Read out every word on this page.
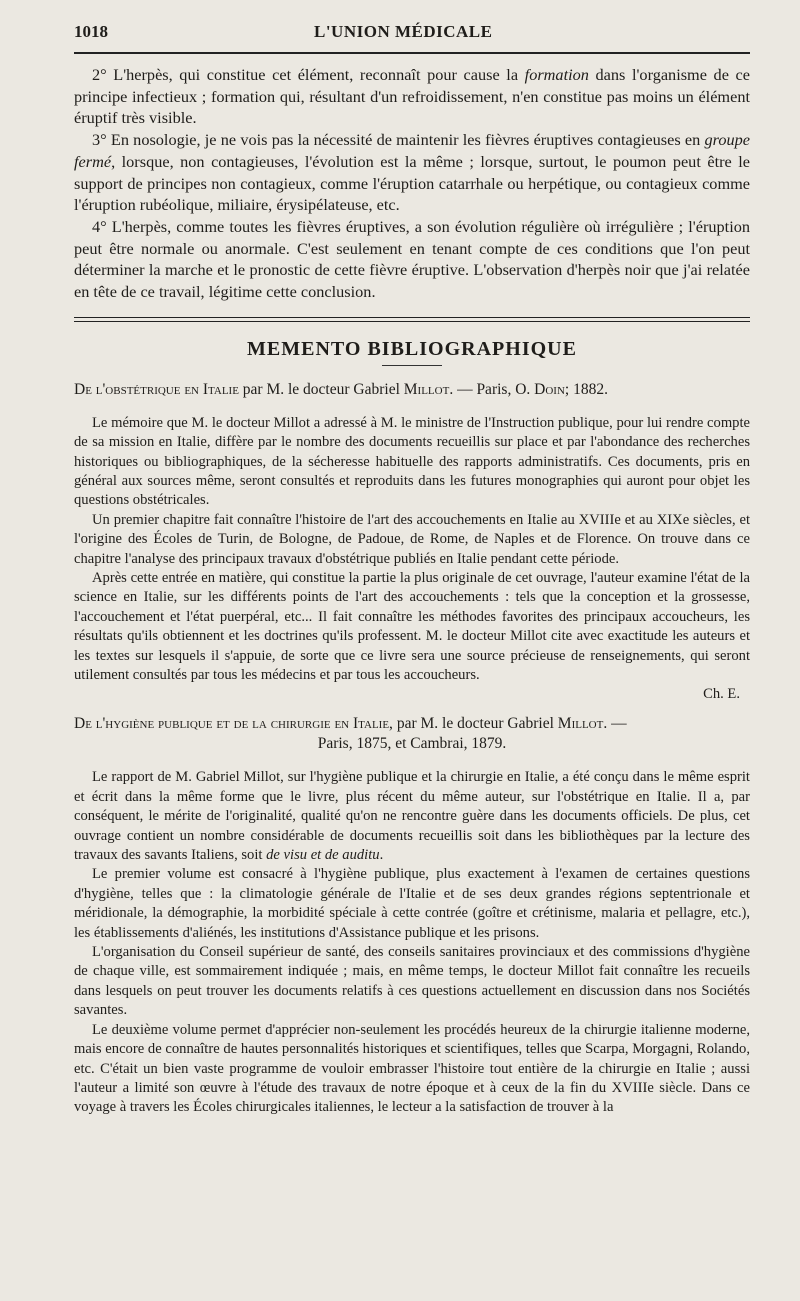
1018	L'UNION MÉDICALE

2° L'herpès, qui constitue cet élément, reconnaît pour cause la formation dans l'organisme de ce principe infectieux ; formation qui, résultant d'un refroidissement, n'en constitue pas moins un élément éruptif très visible.

3° En nosologie, je ne vois pas la nécessité de maintenir les fièvres éruptives contagieuses en groupe fermé, lorsque, non contagieuses, l'évolution est la même ; lorsque, surtout, le poumon peut être le support de principes non contagieux, comme l'éruption catarrhale ou herpétique, ou contagieux comme l'éruption rubéolique, miliaire, érysipélateuse, etc.

4° L'herpès, comme toutes les fièvres éruptives, a son évolution régulière où irrégulière ; l'éruption peut être normale ou anormale. C'est seulement en tenant compte de ces conditions que l'on peut déterminer la marche et le pronostic de cette fièvre éruptive. L'observation d'herpès noir que j'ai relatée en tête de ce travail, légitime cette conclusion.

MEMENTO BIBLIOGRAPHIQUE
De l'obstétrique en Italie par M. le docteur Gabriel Millot. — Paris, O. Doin; 1882.

Le mémoire que M. le docteur Millot a adressé à M. le ministre de l'Instruction publique, pour lui rendre compte de sa mission en Italie, diffère par le nombre des documents recueillis sur place et par l'abondance des recherches historiques ou bibliographiques, de la sécheresse habituelle des rapports administratifs. Ces documents, pris en général aux sources même, seront consultés et reproduits dans les futures monographies qui auront pour objet les questions obstétricales.

Un premier chapitre fait connaître l'histoire de l'art des accouchements en Italie au XVIIIe et au XIXe siècles, et l'origine des Écoles de Turin, de Bologne, de Padoue, de Rome, de Naples et de Florence. On trouve dans ce chapitre l'analyse des principaux travaux d'obstétrique publiés en Italie pendant cette période.

Après cette entrée en matière, qui constitue la partie la plus originale de cet ouvrage, l'auteur examine l'état de la science en Italie, sur les différents points de l'art des accouchements : tels que la conception et la grossesse, l'accouchement et l'état puerpéral, etc... Il fait connaître les méthodes favorites des principaux accoucheurs, les résultats qu'ils obtiennent et les doctrines qu'ils professent. M. le docteur Millot cite avec exactitude les auteurs et les textes sur lesquels il s'appuie, de sorte que ce livre sera une source précieuse de renseignements, qui seront utilement consultés par tous les médecins et par tous les accoucheurs.

Ch. E.
De l'hygiène publique et de la chirurgie en Italie, par M. le docteur Gabriel Millot. —
Paris, 1875, et Cambrai, 1879.

Le rapport de M. Gabriel Millot, sur l'hygiène publique et la chirurgie en Italie, a été conçu dans le même esprit et écrit dans la même forme que le livre, plus récent du même auteur, sur l'obstétrique en Italie. Il a, par conséquent, le mérite de l'originalité, qualité qu'on ne rencontre guère dans les documents officiels. De plus, cet ouvrage contient un nombre considérable de documents recueillis soit dans les bibliothèques par la lecture des travaux des savants Italiens, soit de visu et de auditu.

Le premier volume est consacré à l'hygiène publique, plus exactement à l'examen de certaines questions d'hygiène, telles que : la climatologie générale de l'Italie et de ses deux grandes régions septentrionale et méridionale, la démographie, la morbidité spéciale à cette contrée (goître et crétinisme, malaria et pellagre, etc.), les établissements d'aliénés, les institutions d'Assistance publique et les prisons.

L'organisation du Conseil supérieur de santé, des conseils sanitaires provinciaux et des commissions d'hygiène de chaque ville, est sommairement indiquée ; mais, en même temps, le docteur Millot fait connaître les recueils dans lesquels on peut trouver les documents relatifs à ces questions actuellement en discussion dans nos Sociétés savantes.

Le deuxième volume permet d'apprécier non-seulement les procédés heureux de la chirurgie italienne moderne, mais encore de connaître de hautes personnalités historiques et scientifiques, telles que Scarpa, Morgagni, Rolando, etc. C'était un bien vaste programme de vouloir embrasser l'histoire tout entière de la chirurgie en Italie ; aussi l'auteur a limité son œuvre à l'étude des travaux de notre époque et à ceux de la fin du XVIIIe siècle. Dans ce voyage à travers les Écoles chirurgicales italiennes, le lecteur a la satisfaction de trouver à la
